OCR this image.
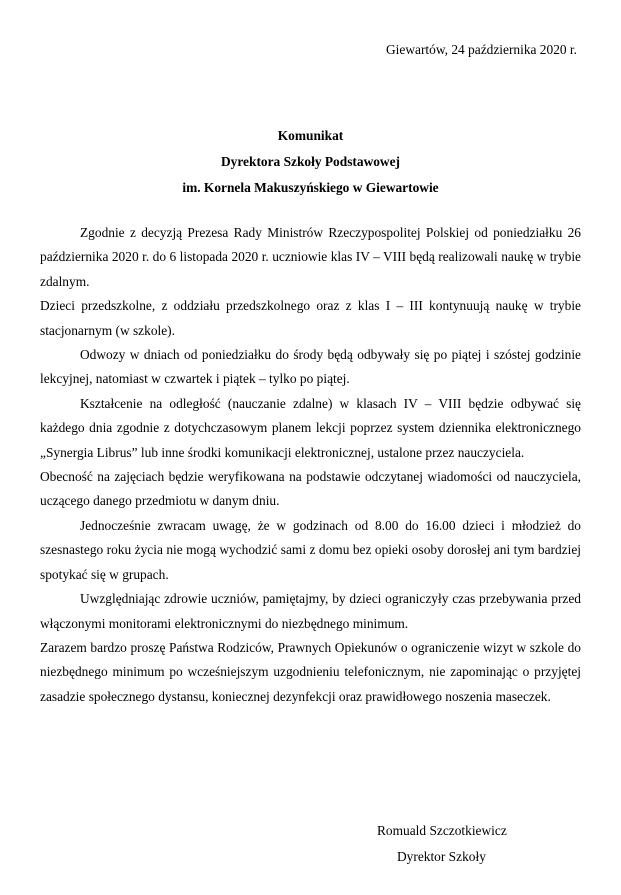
Giewartów, 24 października 2020 r.
Komunikat
Dyrektora Szkoły Podstawowej
im. Kornela Makuszyńskiego w Giewartowie

Zgodnie z decyzją Prezesa Rady Ministrów Rzeczypospolitej Polskiej od poniedziałku 26 października 2020 r. do 6 listopada 2020 r. uczniowie klas IV – VIII będą realizowali naukę w trybie zdalnym.

Dzieci przedszkolne, z oddziału przedszkolnego oraz z klas I – III kontynuują naukę w trybie stacjonarnym (w szkole).

Odwozy w dniach od poniedziałku do środy będą odbywały się po piątej i szóstej godzinie lekcyjnej, natomiast w czwartek i piątek – tylko po piątej.

Kształcenie na odległość (nauczanie zdalne) w klasach IV – VIII będzie odbywać się każdego dnia zgodnie z dotychczasowym planem lekcji poprzez system dziennika elektronicznego „Synergia Librus” lub inne środki komunikacji elektronicznej, ustalone przez nauczyciela.

Obecność na zajęciach będzie weryfikowana na podstawie odczytanej wiadomości od nauczyciela, uczącego danego przedmiotu w danym dniu.

Jednocześnie zwracam uwagę, że w godzinach od 8.00 do 16.00 dzieci i młodzież do szesnastego roku życia nie mogą wychodzić sami z domu bez opieki osoby dorosłej ani tym bardziej spotykać się w grupach.

Uwzględniając zdrowie uczniów, pamiętajmy, by dzieci ograniczyły czas przebywania przed włączonymi monitorami elektronicznymi do niezbędnego minimum.

Zarazem bardzo proszę Państwa Rodziców, Prawnych Opiekunów o ograniczenie wizyt w szkole do niezbędnego minimum po wcześniejszym uzgodnieniu telefonicznym, nie zapominając o przyjętej zasadzie społecznego dystansu, koniecznej dezynfekcji oraz prawidłowego noszenia maseczek.

Romuald Szczotkiewicz
Dyrektor Szkoły
